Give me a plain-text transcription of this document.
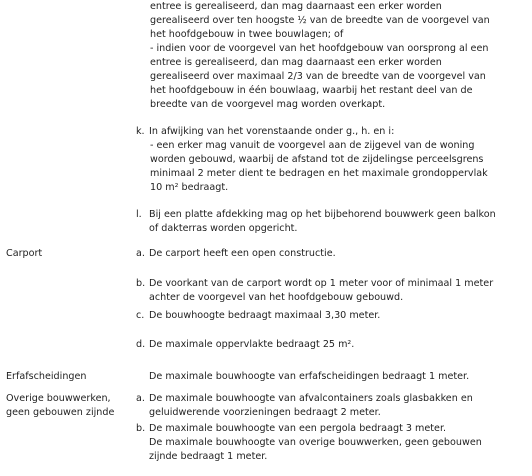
entree is gerealiseerd, dan mag daarnaast een erker worden
gerealiseerd over ten hoogste ½ van de breedte van de voorgevel van
het hoofdgebouw in twee bouwlagen; of
- indien voor de voorgevel van het hoofdgebouw van oorsprong al een
entree is gerealiseerd, dan mag daarnaast een erker worden
gerealiseerd over maximaal 2/3 van de breedte van de voorgevel van
het hoofdgebouw in één bouwlaag, waarbij het restant deel van de
breedte van de voorgevel mag worden overkapt.
k. In afwijking van het vorenstaande onder g., h. en i:
- een erker mag vanuit de voorgevel aan de zijgevel van de woning
worden gebouwd, waarbij de afstand tot de zijdelingse perceelsgrens
minimaal 2 meter dient te bedragen en het maximale grondoppervlak
10 m² bedraagt.
l. Bij een platte afdekking mag op het bijbehorend bouwwerk geen balkon
of dakterras worden opgericht.
Carport	a. De carport heeft een open constructie.
b. De voorkant van de carport wordt op 1 meter voor of minimaal 1 meter
achter de voorgevel van het hoofdgebouw gebouwd.
c. De bouwhoogte bedraagt maximaal 3,30 meter.
d. De maximale oppervlakte bedraagt 25 m².
Erfafscheidingen	De maximale bouwhoogte van erfafscheidingen bedraagt 1 meter.
Overige bouwwerken,
geen gebouwen zijnde
a. De maximale bouwhoogte van afvalcontainers zoals glasbakken en
geluidwerende voorzieningen bedraagt 2 meter.
b. De maximale bouwhoogte van een pergola bedraagt 3 meter.
De maximale bouwhoogte van overige bouwwerken, geen gebouwen
zijnde bedraagt 1 meter.
